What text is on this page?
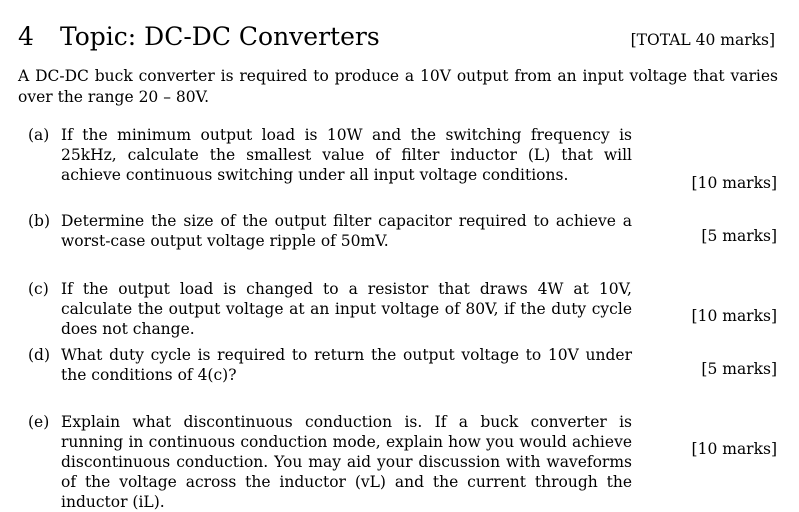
4 Topic: DC-DC Converters	[TOTAL 40 marks]
A DC-DC buck converter is required to produce a 10V output from an input voltage that varies over the range 20 – 80V.
(a) If the minimum output load is 10W and the switching frequency is 25kHz, calculate the smallest value of filter inductor (L) that will achieve continuous switching under all input voltage conditions.	[10 marks]
(b) Determine the size of the output filter capacitor required to achieve a worst-case output voltage ripple of 50mV.	[5 marks]
(c) If the output load is changed to a resistor that draws 4W at 10V, calculate the output voltage at an input voltage of 80V, if the duty cycle does not change.
[10 marks]
(d) What duty cycle is required to return the output voltage to 10V under the conditions of 4(c)?	[5 marks]
(e) Explain what discontinuous conduction is. If a buck converter is running in continuous conduction mode, explain how you would achieve discontinuous conduction. You may aid your discussion with waveforms of the voltage across the inductor (vL) and the current through the inductor (iL).
[10 marks]
